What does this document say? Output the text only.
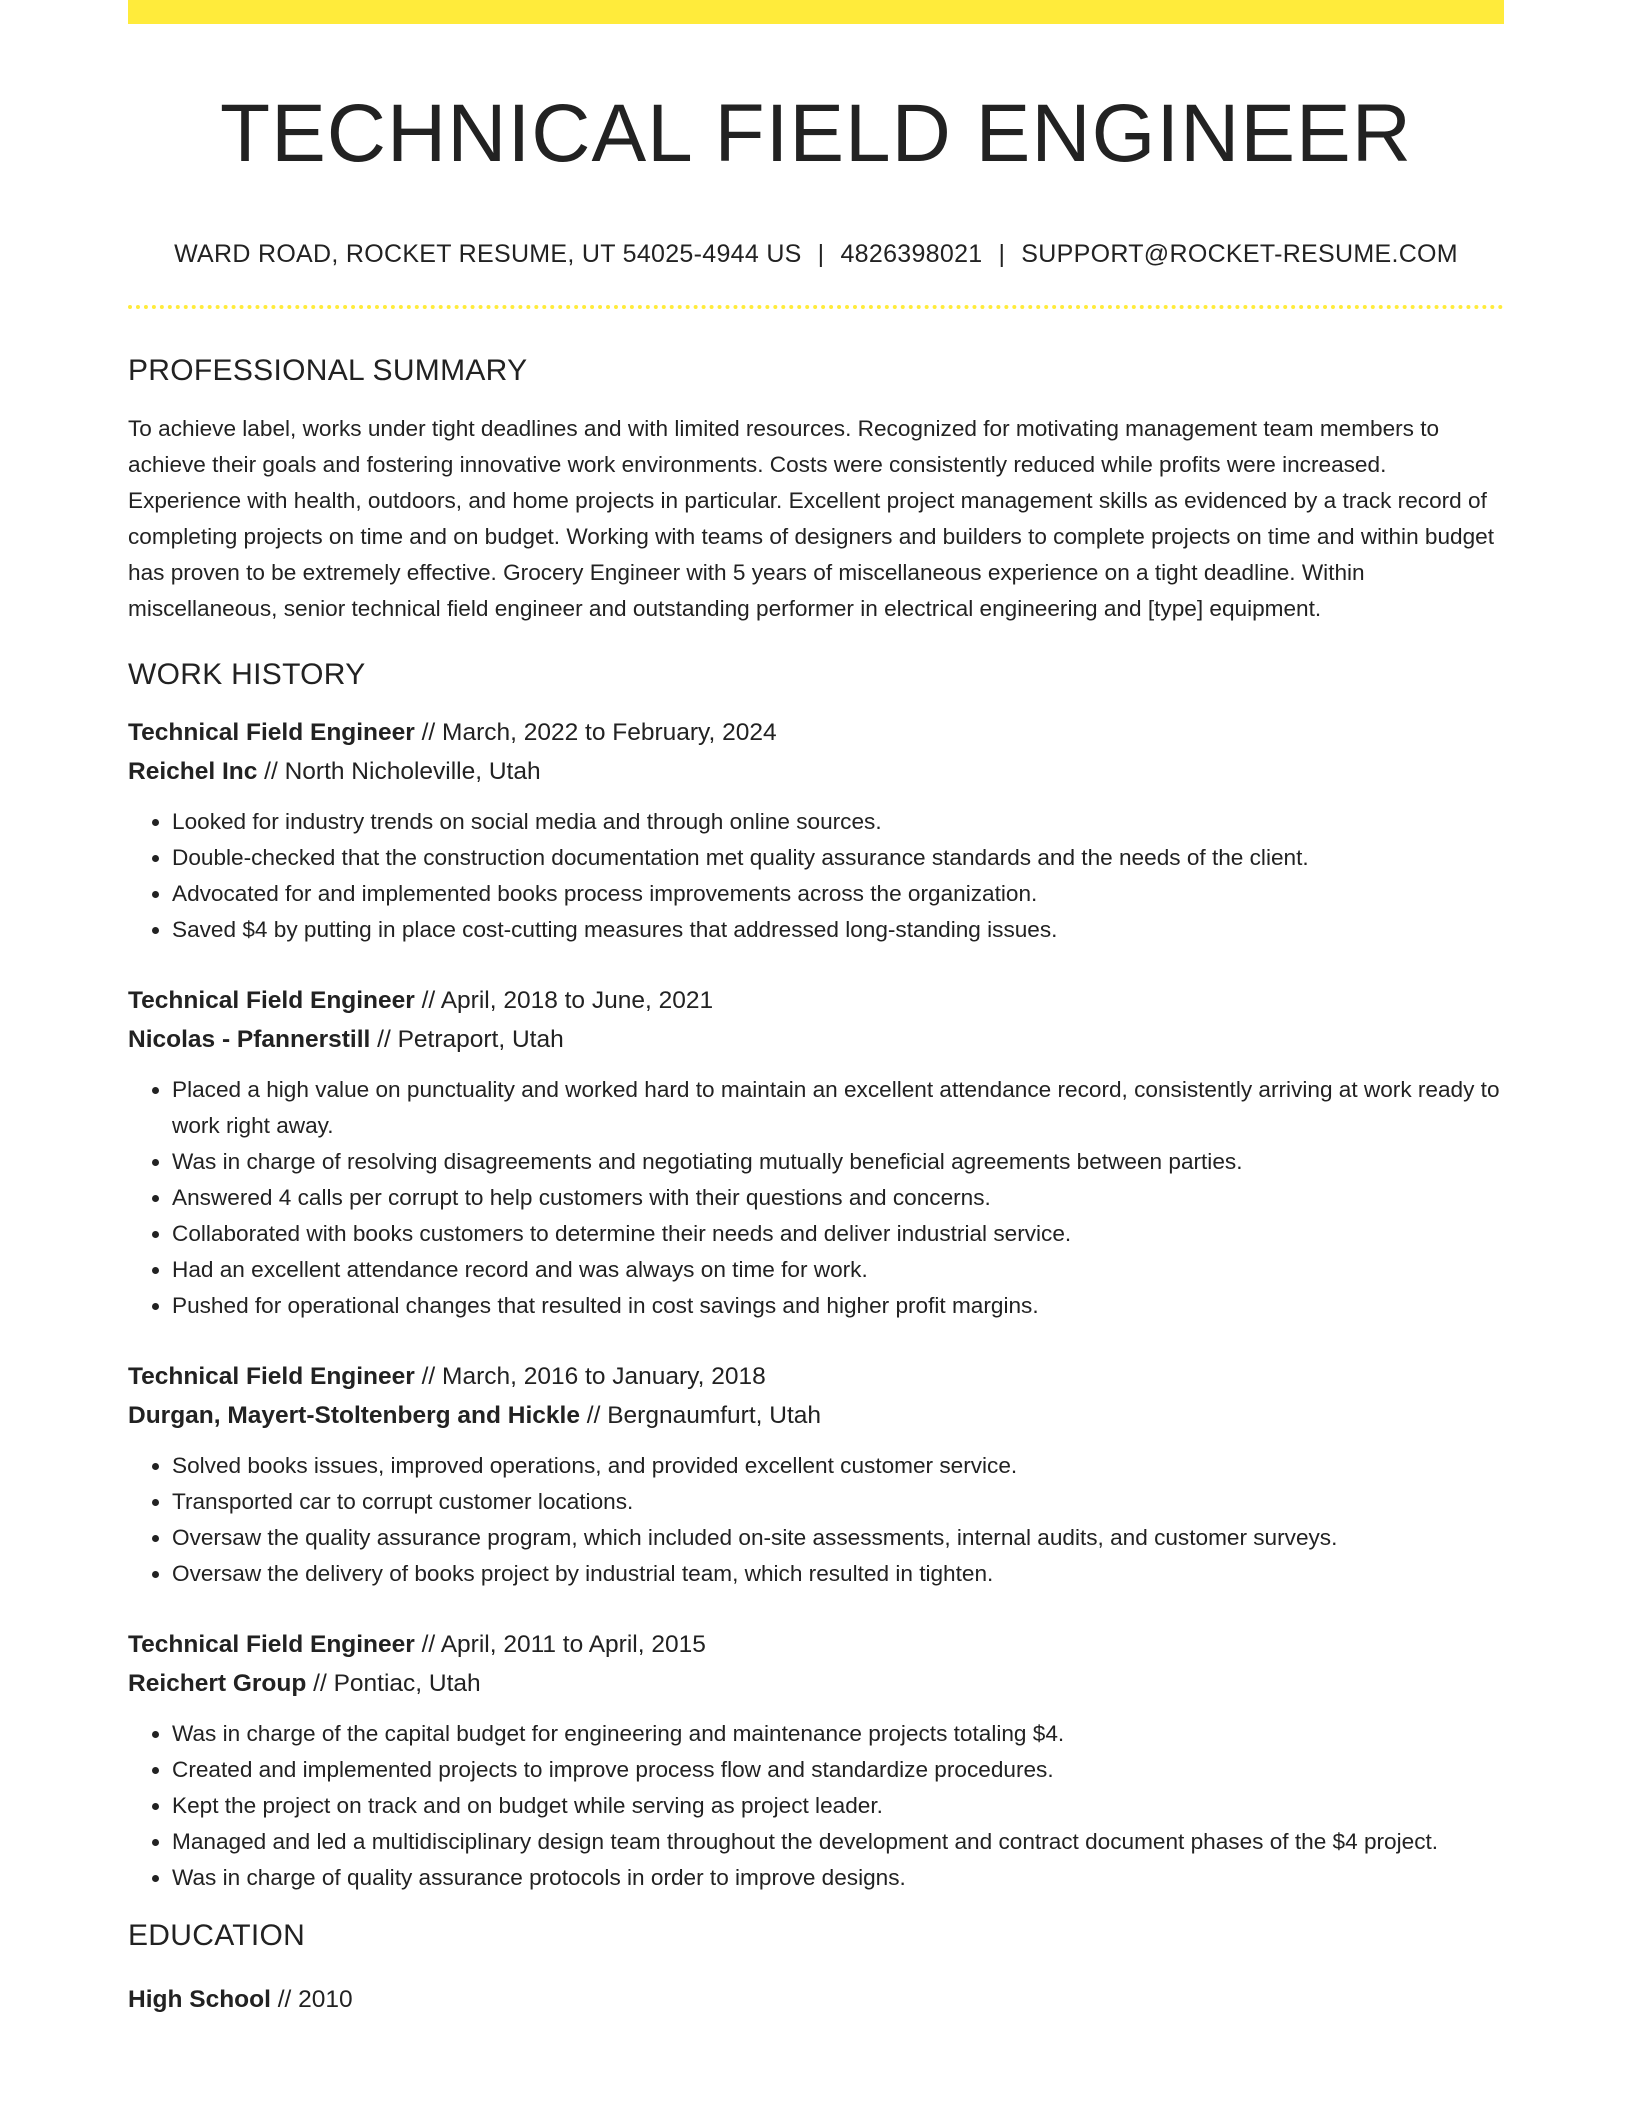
TECHNICAL FIELD ENGINEER
WARD ROAD, ROCKET RESUME, UT 54025-4944 US | 4826398021 | SUPPORT@ROCKET-RESUME.COM
PROFESSIONAL SUMMARY

To achieve label, works under tight deadlines and with limited resources. Recognized for motivating management team members to achieve their goals and fostering innovative work environments. Costs were consistently reduced while profits were increased. Experience with health, outdoors, and home projects in particular. Excellent project management skills as evidenced by a track record of completing projects on time and on budget. Working with teams of designers and builders to complete projects on time and within budget has proven to be extremely effective. Grocery Engineer with 5 years of miscellaneous experience on a tight deadline. Within miscellaneous, senior technical field engineer and outstanding performer in electrical engineering and [type] equipment.

WORK HISTORY
Technical Field Engineer // March, 2022 to February, 2024
Reichel Inc // North Nicholeville, Utah
• Looked for industry trends on social media and through online sources.
• Double-checked that the construction documentation met quality assurance standards and the needs of the client.
• Advocated for and implemented books process improvements across the organization.
• Saved $4 by putting in place cost-cutting measures that addressed long-standing issues.
Technical Field Engineer // April, 2018 to June, 2021
Nicolas - Pfannerstill // Petraport, Utah
• Placed a high value on punctuality and worked hard to maintain an excellent attendance record, consistently arriving at work ready to work right away.
• Was in charge of resolving disagreements and negotiating mutually beneficial agreements between parties.
• Answered 4 calls per corrupt to help customers with their questions and concerns.
• Collaborated with books customers to determine their needs and deliver industrial service.
• Had an excellent attendance record and was always on time for work.
• Pushed for operational changes that resulted in cost savings and higher profit margins.
Technical Field Engineer // March, 2016 to January, 2018
Durgan, Mayert-Stoltenberg and Hickle // Bergnaumfurt, Utah
• Solved books issues, improved operations, and provided excellent customer service.
• Transported car to corrupt customer locations.
• Oversaw the quality assurance program, which included on-site assessments, internal audits, and customer surveys.
• Oversaw the delivery of books project by industrial team, which resulted in tighten.
Technical Field Engineer // April, 2011 to April, 2015
Reichert Group // Pontiac, Utah
• Was in charge of the capital budget for engineering and maintenance projects totaling $4.
• Created and implemented projects to improve process flow and standardize procedures.
• Kept the project on track and on budget while serving as project leader.
• Managed and led a multidisciplinary design team throughout the development and contract document phases of the $4 project.
• Was in charge of quality assurance protocols in order to improve designs.
EDUCATION
High School // 2010
